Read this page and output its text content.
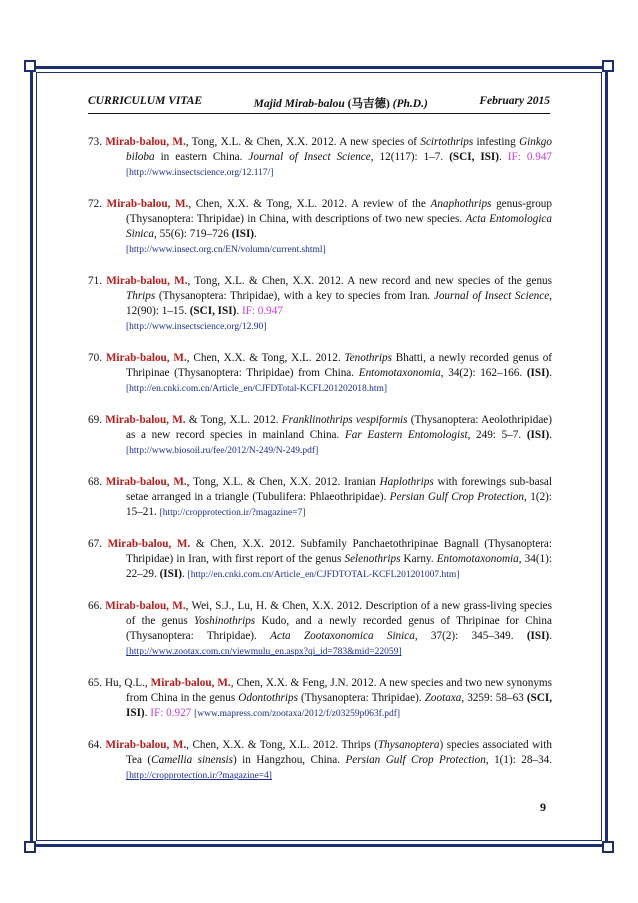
CURRICULUM VITAE	Majid Mirab-balou (马吉德) (Ph.D.)	February 2015

73. Mirab-balou, M., Tong, X.L. & Chen, X.X. 2012. A new species of Scirtothrips infesting Ginkgo biloba in eastern China. Journal of Insect Science, 12(117): 1–7. (SCI, ISI). IF: 0.947 [http://www.insectscience.org/12.117/]

72. Mirab-balou, M., Chen, X.X. & Tong, X.L. 2012. A review of the Anaphothrips genus-group (Thysanoptera: Thripidae) in China, with descriptions of two new species. Acta Entomologica Sinica, 55(6): 719–726 (ISI).
[http://www.insect.org.cn/EN/volumn/current.shtml]

71. Mirab-balou, M., Tong, X.L. & Chen, X.X. 2012. A new record and new species of the genus Thrips (Thysanoptera: Thripidae), with a key to species from Iran. Journal of Insect Science, 12(90): 1–15. (SCI, ISI). IF: 0.947
[http://www.insectscience.org/12.90]

70. Mirab-balou, M., Chen, X.X. & Tong, X.L. 2012. Tenothrips Bhatti, a newly recorded genus of Thripinae (Thysanoptera: Thripidae) from China. Entomotaxonomia, 34(2): 162–166. (ISI). [http://en.cnki.com.cn/Article_en/CJFDTotal-KCFL201202018.htm]

69. Mirab-balou, M. & Tong, X.L. 2012. Franklinothrips vespiformis (Thysanoptera: Aeolothripidae) as a new record species in mainland China. Far Eastern Entomologist, 249: 5–7. (ISI). [http://www.biosoil.ru/fee/2012/N-249/N-249.pdf]

68. Mirab-balou, M., Tong, X.L. & Chen, X.X. 2012. Iranian Haplothrips with forewings sub-basal setae arranged in a triangle (Tubulifera: Phlaeothripidae). Persian Gulf Crop Protection, 1(2): 15–21. [http://cropprotection.ir/?magazine=7]

67. Mirab-balou, M. & Chen, X.X. 2012. Subfamily Panchaetothripinae Bagnall (Thysanoptera: Thripidae) in Iran, with first report of the genus Selenothrips Karny. Entomotaxonomia, 34(1): 22–29. (ISI). [http://en.cnki.com.cn/Article_en/CJFDTOTAL-KCFL201201007.htm]

66. Mirab-balou, M., Wei, S.J., Lu, H. & Chen, X.X. 2012. Description of a new grass-living species of the genus Yoshinothrips Kudo, and a newly recorded genus of Thripinae for China (Thysanoptera: Thripidae). Acta Zootaxonomica Sinica, 37(2): 345–349. (ISI). [http://www.zootax.com.cn/viewmulu_en.aspx?qi_id=783&mid=22059]

65. Hu, Q.L., Mirab-balou, M., Chen, X.X. & Feng, J.N. 2012. A new species and two new synonyms from China in the genus Odontothrips (Thysanoptera: Thripidae). Zootaxa, 3259: 58–63 (SCI, ISI). IF: 0.927 [www.mapress.com/zootaxa/2012/f/z03259p063f.pdf]

64. Mirab-balou, M., Chen, X.X. & Tong, X.L. 2012. Thrips (Thysanoptera) species associated with Tea (Camellia sinensis) in Hangzhou, China. Persian Gulf Crop Protection, 1(1): 28–34. [http://cropprotection.ir/?magazine=4]

9
